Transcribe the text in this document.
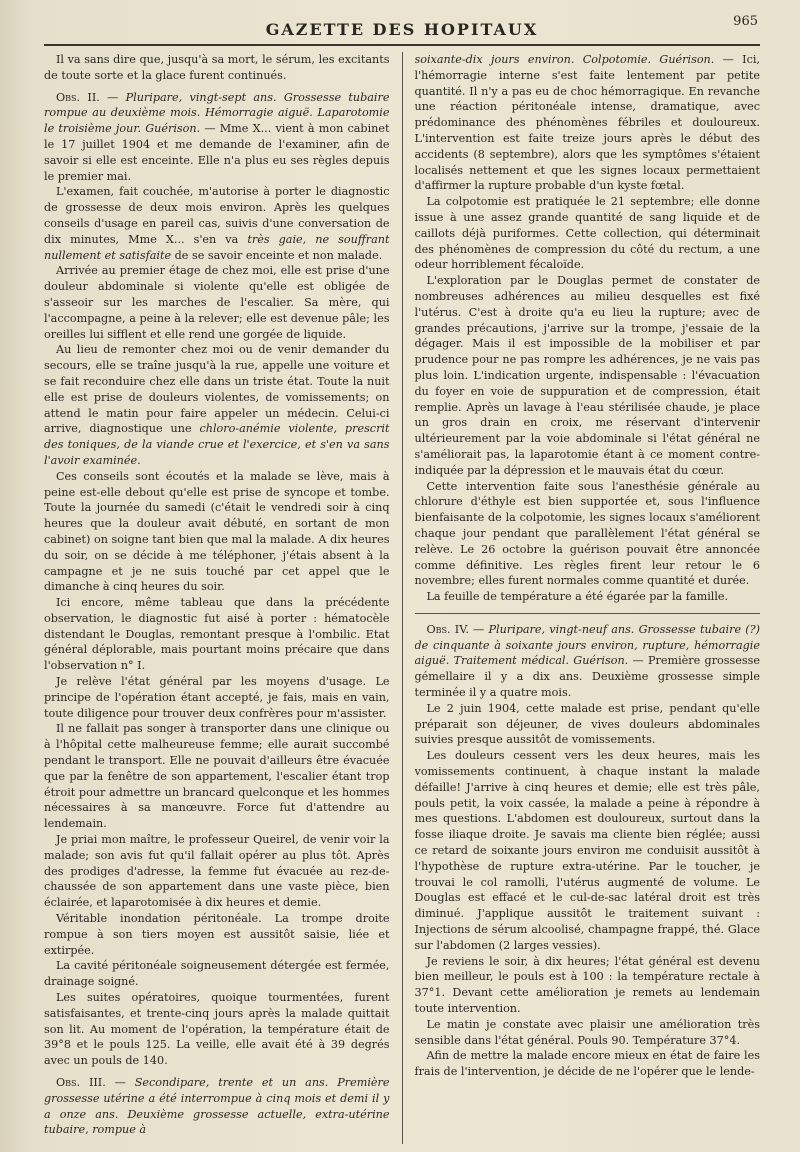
GAZETTE DES HOPITAUX	965

Il va sans dire que, jusqu'à sa mort, le sérum, les excitants de toute sorte et la glace furent continués.

Obs. II. — Pluripare, vingt-sept ans. Grossesse tubaire rompue au deuxième mois. Hémorragie aiguë. Laparotomie le troisième jour. Guérison. — Mme X... vient à mon cabinet le 17 juillet 1904 et me demande de l'examiner, afin de savoir si elle est enceinte. Elle n'a plus eu ses règles depuis le premier mai.

L'examen, fait couchée, m'autorise à porter le diagnostic de grossesse de deux mois environ. Après les quelques conseils d'usage en pareil cas, suivis d'une conversation de dix minutes, Mme X... s'en va très gaie, ne souffrant nullement et satisfaite de se savoir enceinte et non malade.

Arrivée au premier étage de chez moi, elle est prise d'une douleur abdominale si violente qu'elle est obligée de s'asseoir sur les marches de l'escalier. Sa mère, qui l'accompagne, a peine à la relever; elle est devenue pâle; les oreilles lui sifflent et elle rend une gorgée de liquide.

Au lieu de remonter chez moi ou de venir demander du secours, elle se traîne jusqu'à la rue, appelle une voiture et se fait reconduire chez elle dans un triste état. Toute la nuit elle est prise de douleurs violentes, de vomissements; on attend le matin pour faire appeler un médecin. Celui-ci arrive, diagnostique une chloro-anémie violente, prescrit des toniques, de la viande crue et l'exercice, et s'en va sans l'avoir examinée.

Ces conseils sont écoutés et la malade se lève, mais à peine est-elle debout qu'elle est prise de syncope et tombe. Toute la journée du samedi (c'était le vendredi soir à cinq heures que la douleur avait débuté, en sortant de mon cabinet) on soigne tant bien que mal la malade. A dix heures du soir, on se décide à me téléphoner, j'étais absent à la campagne et je ne suis touché par cet appel que le dimanche à cinq heures du soir.

Ici encore, même tableau que dans la précédente observation, le diagnostic fut aisé à porter : hématocèle distendant le Douglas, remontant presque à l'ombilic. Etat général déplorable, mais pourtant moins précaire que dans l'observation n° I.

Je relève l'état général par les moyens d'usage. Le principe de l'opération étant accepté, je fais, mais en vain, toute diligence pour trouver deux confrères pour m'assister.

Il ne fallait pas songer à transporter dans une clinique ou à l'hôpital cette malheureuse femme; elle aurait succombé pendant le transport. Elle ne pouvait d'ailleurs être évacuée que par la fenêtre de son appartement, l'escalier étant trop étroit pour admettre un brancard quelconque et les hommes nécessaires à sa manœuvre. Force fut d'attendre au lendemain.

Je priai mon maître, le professeur Queirel, de venir voir la malade; son avis fut qu'il fallait opérer au plus tôt. Après des prodiges d'adresse, la femme fut évacuée au rez-de-chaussée de son appartement dans une vaste pièce, bien éclairée, et laparotomisée à dix heures et demie.

Véritable inondation péritonéale. La trompe droite rompue à son tiers moyen est aussitôt saisie, liée et extirpée.

La cavité péritonéale soigneusement détergée est fermée, drainage soigné.

Les suites opératoires, quoique tourmentées, furent satisfaisantes, et trente-cinq jours après la malade quittait son lit. Au moment de l'opération, la température était de 39°8 et le pouls 125. La veille, elle avait été à 39 degrés avec un pouls de 140.

Obs. III. — Secondipare, trente et un ans. Première grossesse utérine a été interrompue à cinq mois et demi il y a onze ans. Deuxième grossesse actuelle, extra-utérine tubaire, rompue à

soixante-dix jours environ. Colpotomie. Guérison. — Ici, l'hémorragie interne s'est faite lentement par petite quantité. Il n'y a pas eu de choc hémorragique. En revanche une réaction péritonéale intense, dramatique, avec prédominance des phénomènes fébriles et douloureux. L'intervention est faite treize jours après le début des accidents (8 septembre), alors que les symptômes s'étaient localisés nettement et que les signes locaux permettaient d'affirmer la rupture probable d'un kyste fœtal.

La colpotomie est pratiquée le 21 septembre; elle donne issue à une assez grande quantité de sang liquide et de caillots déjà puriformes. Cette collection, qui déterminait des phénomènes de compression du côté du rectum, a une odeur horriblement fécaloïde.

L'exploration par le Douglas permet de constater de nombreuses adhérences au milieu desquelles est fixé l'utérus. C'est à droite qu'a eu lieu la rupture; avec de grandes précautions, j'arrive sur la trompe, j'essaie de la dégager. Mais il est impossible de la mobiliser et par prudence pour ne pas rompre les adhérences, je ne vais pas plus loin. L'indication urgente, indispensable : l'évacuation du foyer en voie de suppuration et de compression, était remplie. Après un lavage à l'eau stérilisée chaude, je place un gros drain en croix, me réservant d'intervenir ultérieurement par la voie abdominale si l'état général ne s'améliorait pas, la laparotomie étant à ce moment contre-indiquée par la dépression et le mauvais état du cœur.

Cette intervention faite sous l'anesthésie générale au chlorure d'éthyle est bien supportée et, sous l'influence bienfaisante de la colpotomie, les signes locaux s'améliorent chaque jour pendant que parallèlement l'état général se relève. Le 26 octobre la guérison pouvait être annoncée comme définitive. Les règles firent leur retour le 6 novembre; elles furent normales comme quantité et durée.

La feuille de température a été égarée par la famille.

Obs. IV. — Pluripare, vingt-neuf ans. Grossesse tubaire (?) de cinquante à soixante jours environ, rupture, hémorragie aiguë. Traitement médical. Guérison. — Première grossesse gémellaire il y a dix ans. Deuxième grossesse simple terminée il y a quatre mois.

Le 2 juin 1904, cette malade est prise, pendant qu'elle préparait son déjeuner, de vives douleurs abdominales suivies presque aussitôt de vomissements.

Les douleurs cessent vers les deux heures, mais les vomissements continuent, à chaque instant la malade défaille! J'arrive à cinq heures et demie; elle est très pâle, pouls petit, la voix cassée, la malade a peine à répondre à mes questions. L'abdomen est douloureux, surtout dans la fosse iliaque droite. Je savais ma cliente bien réglée; aussi ce retard de soixante jours environ me conduisit aussitôt à l'hypothèse de rupture extra-utérine. Par le toucher, je trouvai le col ramolli, l'utérus augmenté de volume. Le Douglas est effacé et le cul-de-sac latéral droit est très diminué. J'applique aussitôt le traitement suivant : Injections de sérum alcoolisé, champagne frappé, thé. Glace sur l'abdomen (2 larges vessies).

Je reviens le soir, à dix heures; l'état général est devenu bien meilleur, le pouls est à 100 : la température rectale à 37°1. Devant cette amélioration je remets au lendemain toute intervention.

Le matin je constate avec plaisir une amélioration très sensible dans l'état général. Pouls 90. Température 37°4.

Afin de mettre la malade encore mieux en état de faire les frais de l'intervention, je décide de ne l'opérer que le lende-
